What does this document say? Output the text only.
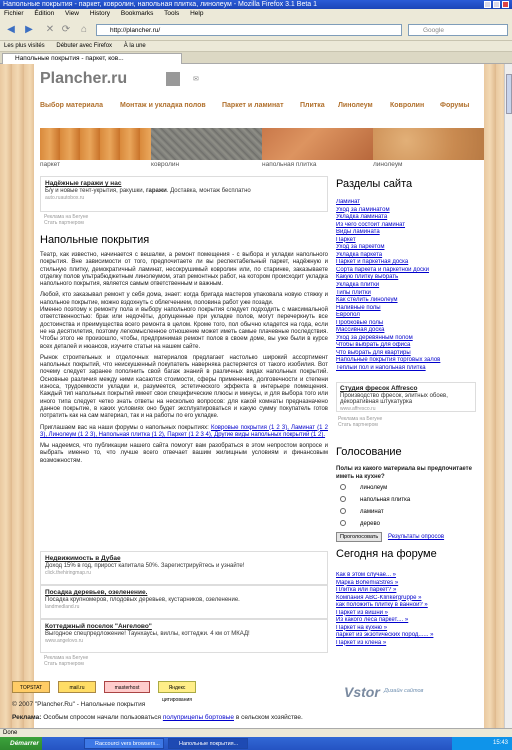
Напольные покрытия - паркет, ковролин, напольная плитка, линолеум - Mozilla Firefox 3.1 Beta 1
Fichier Édition View History Bookmarks Tools Help
◀	▶	✕ ⟳ ⌂	http://plancher.ru/	Google
Les plus visités Débuter avec Firefox À la une
Напольные покрытия - паркет, ков...
Plancher.ru	✉
Выбор материала Монтаж и укладка полов Паркет и ламинат Плитка Линолеум Ковролин Форумы
паркет	ковролин	напольная плитка	линолеум
Надёжные гаражи у нас
Б/у и новые тент-укрытия, ракушки, гаражи. Доставка, монтаж бесплатно
auto.ruautobox.ru
Реклама на Бегуне
Стать партнером
Напольные покрытия

Театр, как известно, начинается с вешалки, а ремонт помещения - с выбора и укладки напольного покрытия. Вне зависимости от того, предпочитаете ли вы респектабельный паркет, надёжную и стильную плитку, демократичный ламинат, несокрушимый ковролин или, по старинке, заказываете отделку полов ультрабюджетным линолеумом, этап ремонтных работ, на котором происходит укладка напольного покрытия, является самым ответственным и важным.

Любой, кто заказывал ремонт у себя дома, знает: когда бригада мастеров упаковала новую стяжку и напольное покрытие, можно вздохнуть с облегчением, половина работ уже позади.

Именно поэтому к ремонту пола и выбору напольного покрытия следует подходить с максимальной ответственностью: брак или недочёты, допущенные при укладке полов, могут перечеркнуть все достоинства и преимущества всего ремонта в целом. Кроме того, пол обычно кладется на года, если не на десятилетия, поэтому легкомысленное отношение может иметь самые плачевные последствия. Чтобы этого не произошло, чтобы, предпринимая ремонт полов в своем доме, вы уже были в курсе всех деталей и нюансов, изучите статьи на нашем сайте.

Рынок строительных и отделочных материалов предлагает настолько широкий ассортимент напольных покрытий, что неискушенный покупатель наверняка растеряется от такого изобилия. Вот почему следует заранее пополнить свой багаж знаний в различных видах напольных покрытий. Основные различия между ними касаются стоимости, сферы применения, долговечности и степени износа, трудоемкости укладки и, разумеется, эстетического эффекта в интерьере помещения. Каждый тип напольных покрытий имеет свои специфические плюсы и минусы, и для выбора того или иного типа следует четко знать ответы на несколько вопросов: для какой комнаты предназначено данное покрытие, в каких условиях оно будет эксплуатироваться и какую сумму покупатель готов потратить как на сам материал, так и на работы по его укладке.

Приглашаем вас на наши форумы о напольных покрытиях: Ковровые покрытия (1 2 3), Ламинат (1 2 3), Линолеум (1 2 3), Напольная плитка (1 2), Паркет (1 2 3 4), Другие виды напольных покрытий (1 2).

Мы надеемся, что публикации нашего сайта помогут вам разобраться в этом непростом вопросе и выбрать именно то, что лучше всего отвечает вашим жилищным условиям и финансовым возможностям.

Недвижимость в Дубае
Доход 15% в год, прирост капитала 50%. Зарегистрируйтесь и узнайте!
click.thehiringmap.ru
Посадка деревьев, озеленение.
Посадка крупномеров, плодовых деревьев, кустарников, озеленение.
landmedland.ru
Коттеджный поселок "Ангелово"
Выгодное спецпредложение! Таунхаусы, виллы, коттеджи. 4 км от МКАД!
www.angelovo.ru
Реклама на Бегуне
Стать партнером
Разделы сайта
Ламинат
Уход за ламинатом
Укладка ламината
Из чего состоит ламинат
Виды ламината
Паркет
Уход за паркетом
Укладка паркета
Паркет и паркетная доска
Сорта паркета и паркетной доски
Какую плитку выбрать
Укладка плитки
Типы плитки
Как стелить линолеум
Наливные полы
Европол
Пробковые полы
Массивная доска
Уход за деревянным полом
Чтобы выбрать для офиса
Что выбрать для квартиры
Напольные покрытия торговых залов
Теплый пол и напольная плитка
Студия фресок Affresco
Производство фресок, элитных обоев, декоративная штукатурка
www.affresco.ru
Реклама на Бегуне
Стать партнером
Голосование
Полы из какого материала вы предпочитаете иметь на кухне?
линолеум
напольная плитка
ламинат
дерево
Проголосовать Результаты опросов
Сегодня на форуме
Как в этом случае... »
Марка BohemiaStres »
Плитка или паркет? »
Компания ABC-Klinkergruppe »
как положить плитку в ванной? »
Паркет из вишни »
Из какого леса паркет.... »
Паркет на кухню »
паркет из экзотических пород...... »
Паркет из клена »
TOPSTAT	mail.ru	masterhost	Яндекс цитирования	Vstor Дизайн сайтов
© 2007 "Plancher.Ru" - Напольные покрытия
Реклама: Особым спросом начали пользоваться полуприцепы бортовые в сельском хозяйстве.
Done
Démarrer	Raccourci vers browsers...	Напольные покрытия...	15:43
